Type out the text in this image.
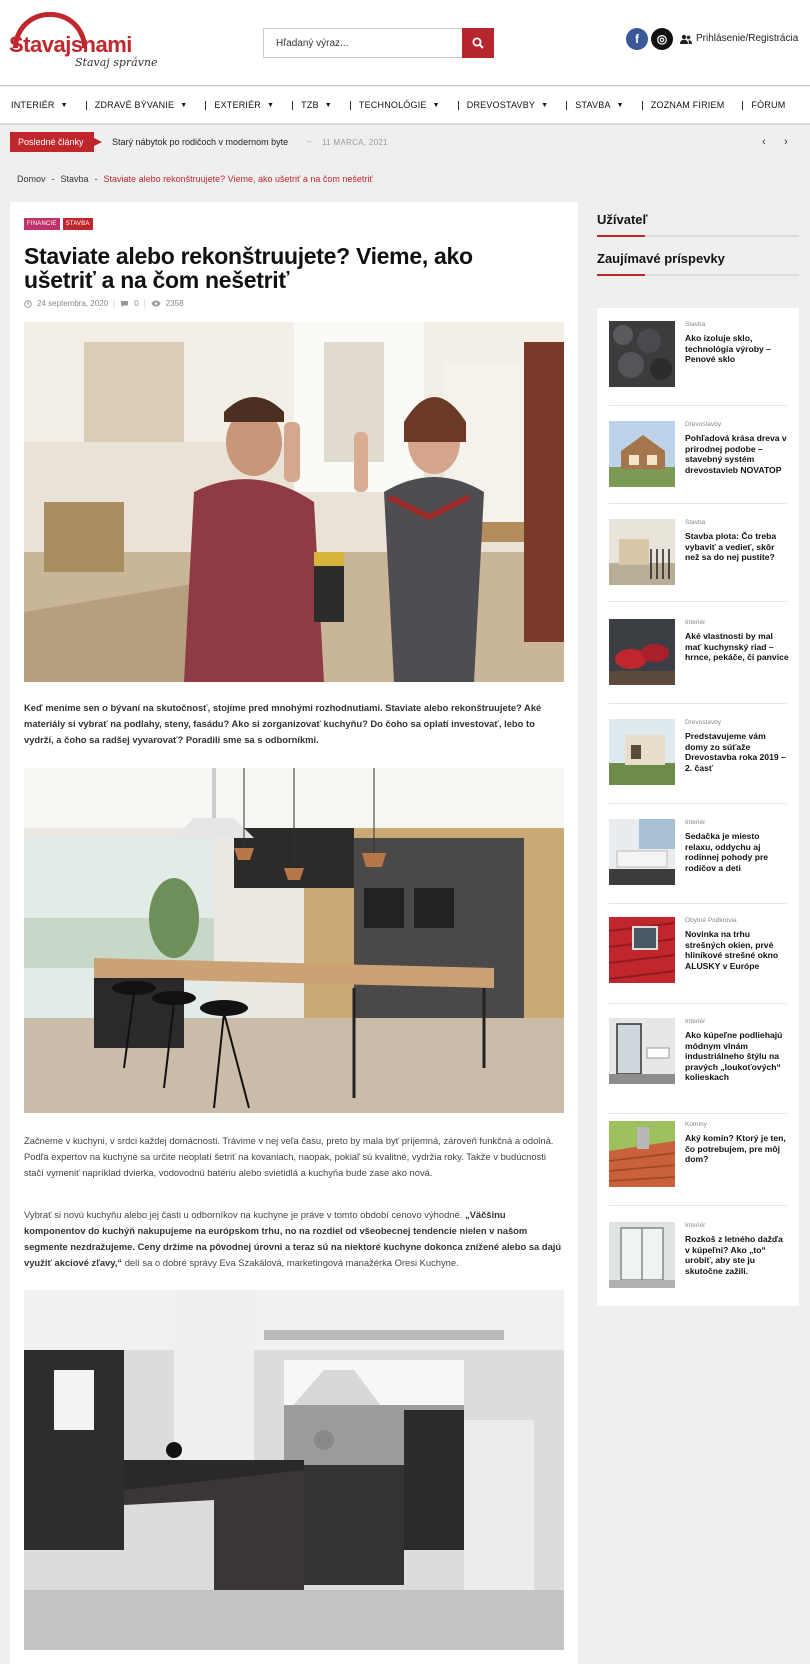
Stavajsnami
Stavaj správne
Hľadaný výraz...
f	◎	Prihlásenie/Registrácia
INTERIÉR ▼	ZDRAVÉ BÝVANIE ▼	EXTERIÉR ▼	TZB ▼	TECHNOLÓGIE ▼	DREVOSTAVBY ▼	STAVBA ▼	ZOZNAM FIRIEM	FÓRUM
Posledné články	Starý nábytok po rodičoch v modernom byte – 11 MARCA, 2021	‹ ›
Domov - Stavba - Staviate alebo rekonštruujete? Vieme, ako ušetriť a na čom nešetriť
FINANCIE	STAVBA
Staviate alebo rekonštruujete? Vieme, ako ušetriť a na čom nešetriť
24 septembra, 2020 | 0 |	2358

Keď meníme sen o bývaní na skutočnosť, stojíme pred mnohými rozhodnutiami. Staviate alebo rekonštruujete? Aké materiály si vybrať na podlahy, steny, fasádu? Ako si zorganizovať kuchyňu? Do čoho sa oplatí investovať, lebo to vydrží, a čoho sa radšej vyvarovať? Poradili sme sa s odborníkmi.

Začneme v kuchyni, v srdci každej domácnosti. Trávime v nej veľa času, preto by mala byť príjemná, zároveň funkčná a odolná. Podľa expertov na kuchyne sa určite neoplatí šetriť na kovaniach, naopak, pokiaľ sú kvalitné, vydržia roky. Takže v budúcnosti stačí vymeniť napríklad dvierka, vodovodnú batériu alebo svietidlá a kuchyňa bude zase ako nová.

Vybrať si novú kuchyňu alebo jej časti u odborníkov na kuchyne je práve v tomto období cenovo výhodné. „Väčšinu komponentov do kuchýň nakupujeme na európskom trhu, no na rozdiel od všeobecnej tendencie nielen v našom segmente nezdražujeme. Ceny držíme na pôvodnej úrovni a teraz sú na niektoré kuchyne dokonca znížené alebo sa dajú využiť akciové zľavy,“ delí sa o dobré správy Eva Szakálová, marketingová manažérka Oresi Kuchyne.

Užívateľ
Zaujímavé príspevky
Stavba
Ako izoluje sklo, technológia výroby – Penové sklo
Drevostavby
Pohľadová krása dreva v prírodnej podobe – stavebný systém drevostavieb NOVATOP
Stavba
Stavba plota: Čo treba vybaviť a vedieť, skôr než sa do nej pustíte?
Interiér
Aké vlastnosti by mal mať kuchynský riad – hrnce, pekáče, či panvice
Drevostavby
Predstavujeme vám domy zo súťaže Drevostavba roka 2019 – 2. časť
Interiér
Sedačka je miesto relaxu, oddychu aj rodinnej pohody pre rodičov a deti
Obytné Podkrovia
Novinka na trhu strešných okien, prvé hliníkové strešné okno ALUSKY v Európe
Interiér
Ako kúpeľne podliehajú módnym vlnám industriálneho štýlu na pravých „loukoťových“ kolieskach
Komíny
Aký komín? Ktorý je ten, čo potrebujem, pre môj dom?
Interiér
Rozkoš z letného dažďa v kúpeľni? Ako „to“ urobiť, aby ste ju skutočne zažili.
